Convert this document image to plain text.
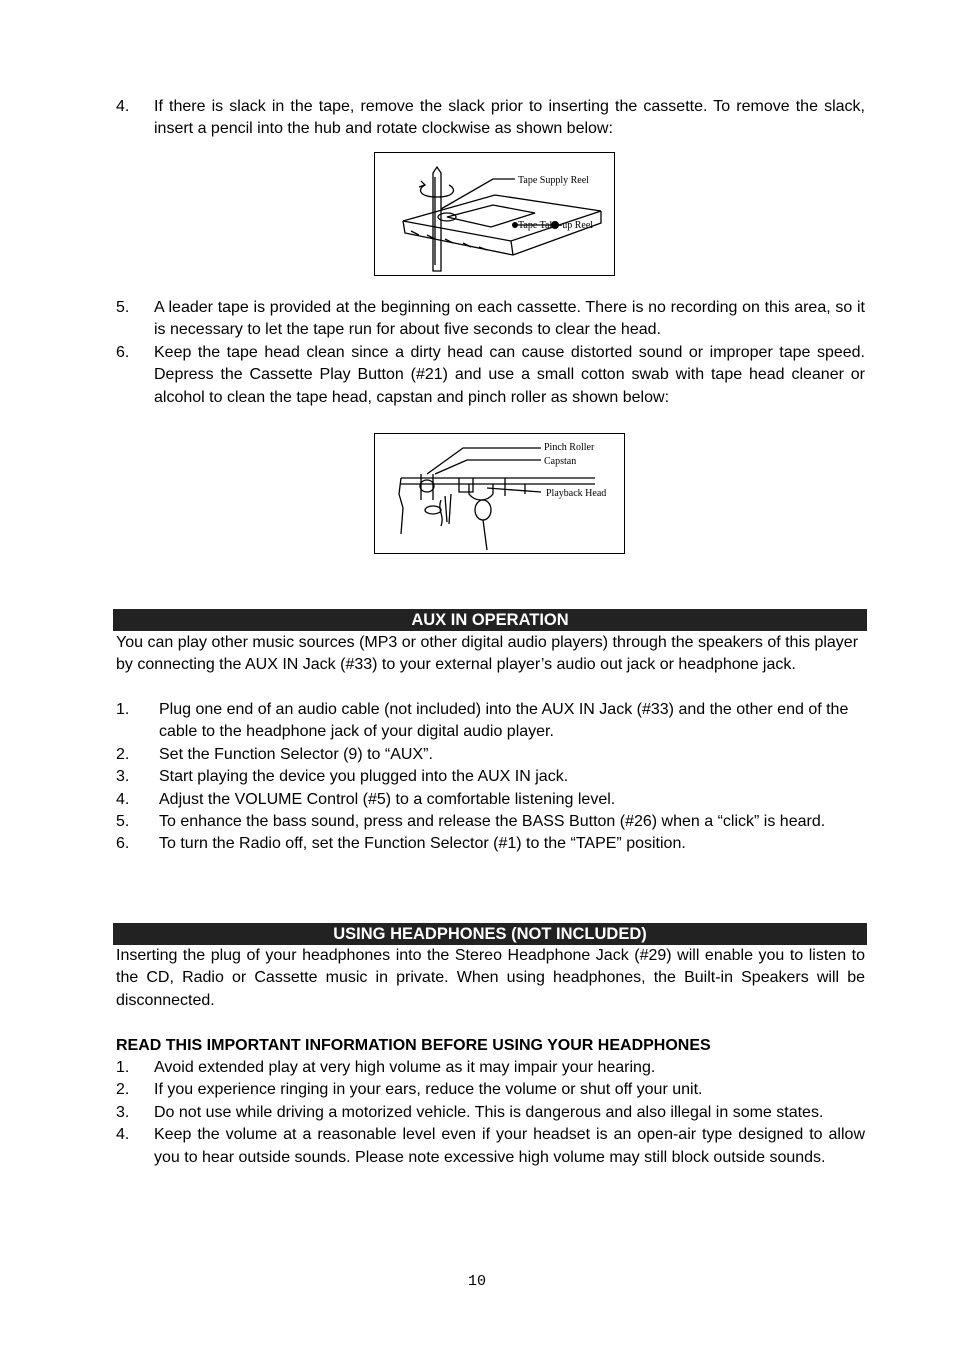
4. If there is slack in the tape, remove the slack prior to inserting the cassette. To remove the slack, insert a pencil into the hub and rotate clockwise as shown below:
Tape Supply Reel
Tape Take-up Reel
5. A leader tape is provided at the beginning on each cassette. There is no recording on this area, so it is necessary to let the tape run for about five seconds to clear the head.
6. Keep the tape head clean since a dirty head can cause distorted sound or improper tape speed. Depress the Cassette Play Button (#21) and use a small cotton swab with tape head cleaner or alcohol to clean the tape head, capstan and pinch roller as shown below:
Pinch Roller
Capstan
Playback Head
AUX IN OPERATION

You can play other music sources (MP3 or other digital audio players) through the speakers of this player by connecting the AUX IN Jack (#33) to your external player’s audio out jack or headphone jack.

1. Plug one end of an audio cable (not included) into the AUX IN Jack (#33) and the other end of the cable to the headphone jack of your digital audio player.
2. Set the Function Selector (9) to “AUX”.
3. Start playing the device you plugged into the AUX IN jack.
4. Adjust the VOLUME Control (#5) to a comfortable listening level.
5. To enhance the bass sound, press and release the BASS Button (#26) when a “click” is heard.
6. To turn the Radio off, set the Function Selector (#1) to the “TAPE” position.
USING HEADPHONES (NOT INCLUDED)

Inserting the plug of your headphones into the Stereo Headphone Jack (#29) will enable you to listen to the CD, Radio or Cassette music in private. When using headphones, the Built-in Speakers will be disconnected.

READ THIS IMPORTANT INFORMATION BEFORE USING YOUR HEADPHONES

1. Avoid extended play at very high volume as it may impair your hearing.
2. If you experience ringing in your ears, reduce the volume or shut off your unit.
3. Do not use while driving a motorized vehicle. This is dangerous and also illegal in some states.
4. Keep the volume at a reasonable level even if your headset is an open-air type designed to allow you to hear outside sounds. Please note excessive high volume may still block outside sounds.
10
